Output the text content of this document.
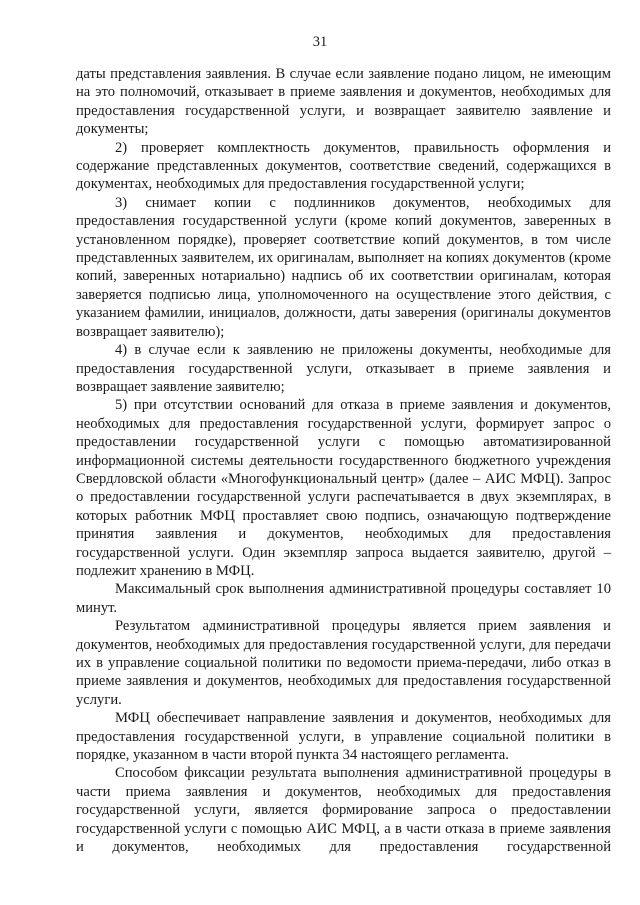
31

даты представления заявления. В случае если заявление подано лицом, не имеющим на это полномочий, отказывает в приеме заявления и документов, необходимых для предоставления государственной услуги, и возвращает заявителю заявление и документы;

2) проверяет комплектность документов, правильность оформления и содержание представленных документов, соответствие сведений, содержащихся в документах, необходимых для предоставления государственной услуги;

3) снимает копии с подлинников документов, необходимых для предоставления государственной услуги (кроме копий документов, заверенных в установленном порядке), проверяет соответствие копий документов, в том числе представленных заявителем, их оригиналам, выполняет на копиях документов (кроме копий, заверенных нотариально) надпись об их соответствии оригиналам, которая заверяется подписью лица, уполномоченного на осуществление этого действия, с указанием фамилии, инициалов, должности, даты заверения (оригиналы документов возвращает заявителю);

4) в случае если к заявлению не приложены документы, необходимые для предоставления государственной услуги, отказывает в приеме заявления и возвращает заявление заявителю;

5) при отсутствии оснований для отказа в приеме заявления и документов, необходимых для предоставления государственной услуги, формирует запрос о предоставлении государственной услуги с помощью автоматизированной информационной системы деятельности государственного бюджетного учреждения Свердловской области «Многофункциональный центр» (далее – АИС МФЦ). Запрос о предоставлении государственной услуги распечатывается в двух экземплярах, в которых работник МФЦ проставляет свою подпись, означающую подтверждение принятия заявления и документов, необходимых для предоставления государственной услуги. Один экземпляр запроса выдается заявителю, другой – подлежит хранению в МФЦ.

Максимальный срок выполнения административной процедуры составляет 10 минут.

Результатом административной процедуры является прием заявления и документов, необходимых для предоставления государственной услуги, для передачи их в управление социальной политики по ведомости приема-передачи, либо отказ в приеме заявления и документов, необходимых для предоставления государственной услуги.

МФЦ обеспечивает направление заявления и документов, необходимых для предоставления государственной услуги, в управление социальной политики в порядке, указанном в части второй пункта 34 настоящего регламента.

Способом фиксации результата выполнения административной процедуры в части приема заявления и документов, необходимых для предоставления государственной услуги, является формирование запроса о предоставлении государственной услуги с помощью АИС МФЦ, а в части отказа в приеме заявления и документов, необходимых для предоставления государственной
